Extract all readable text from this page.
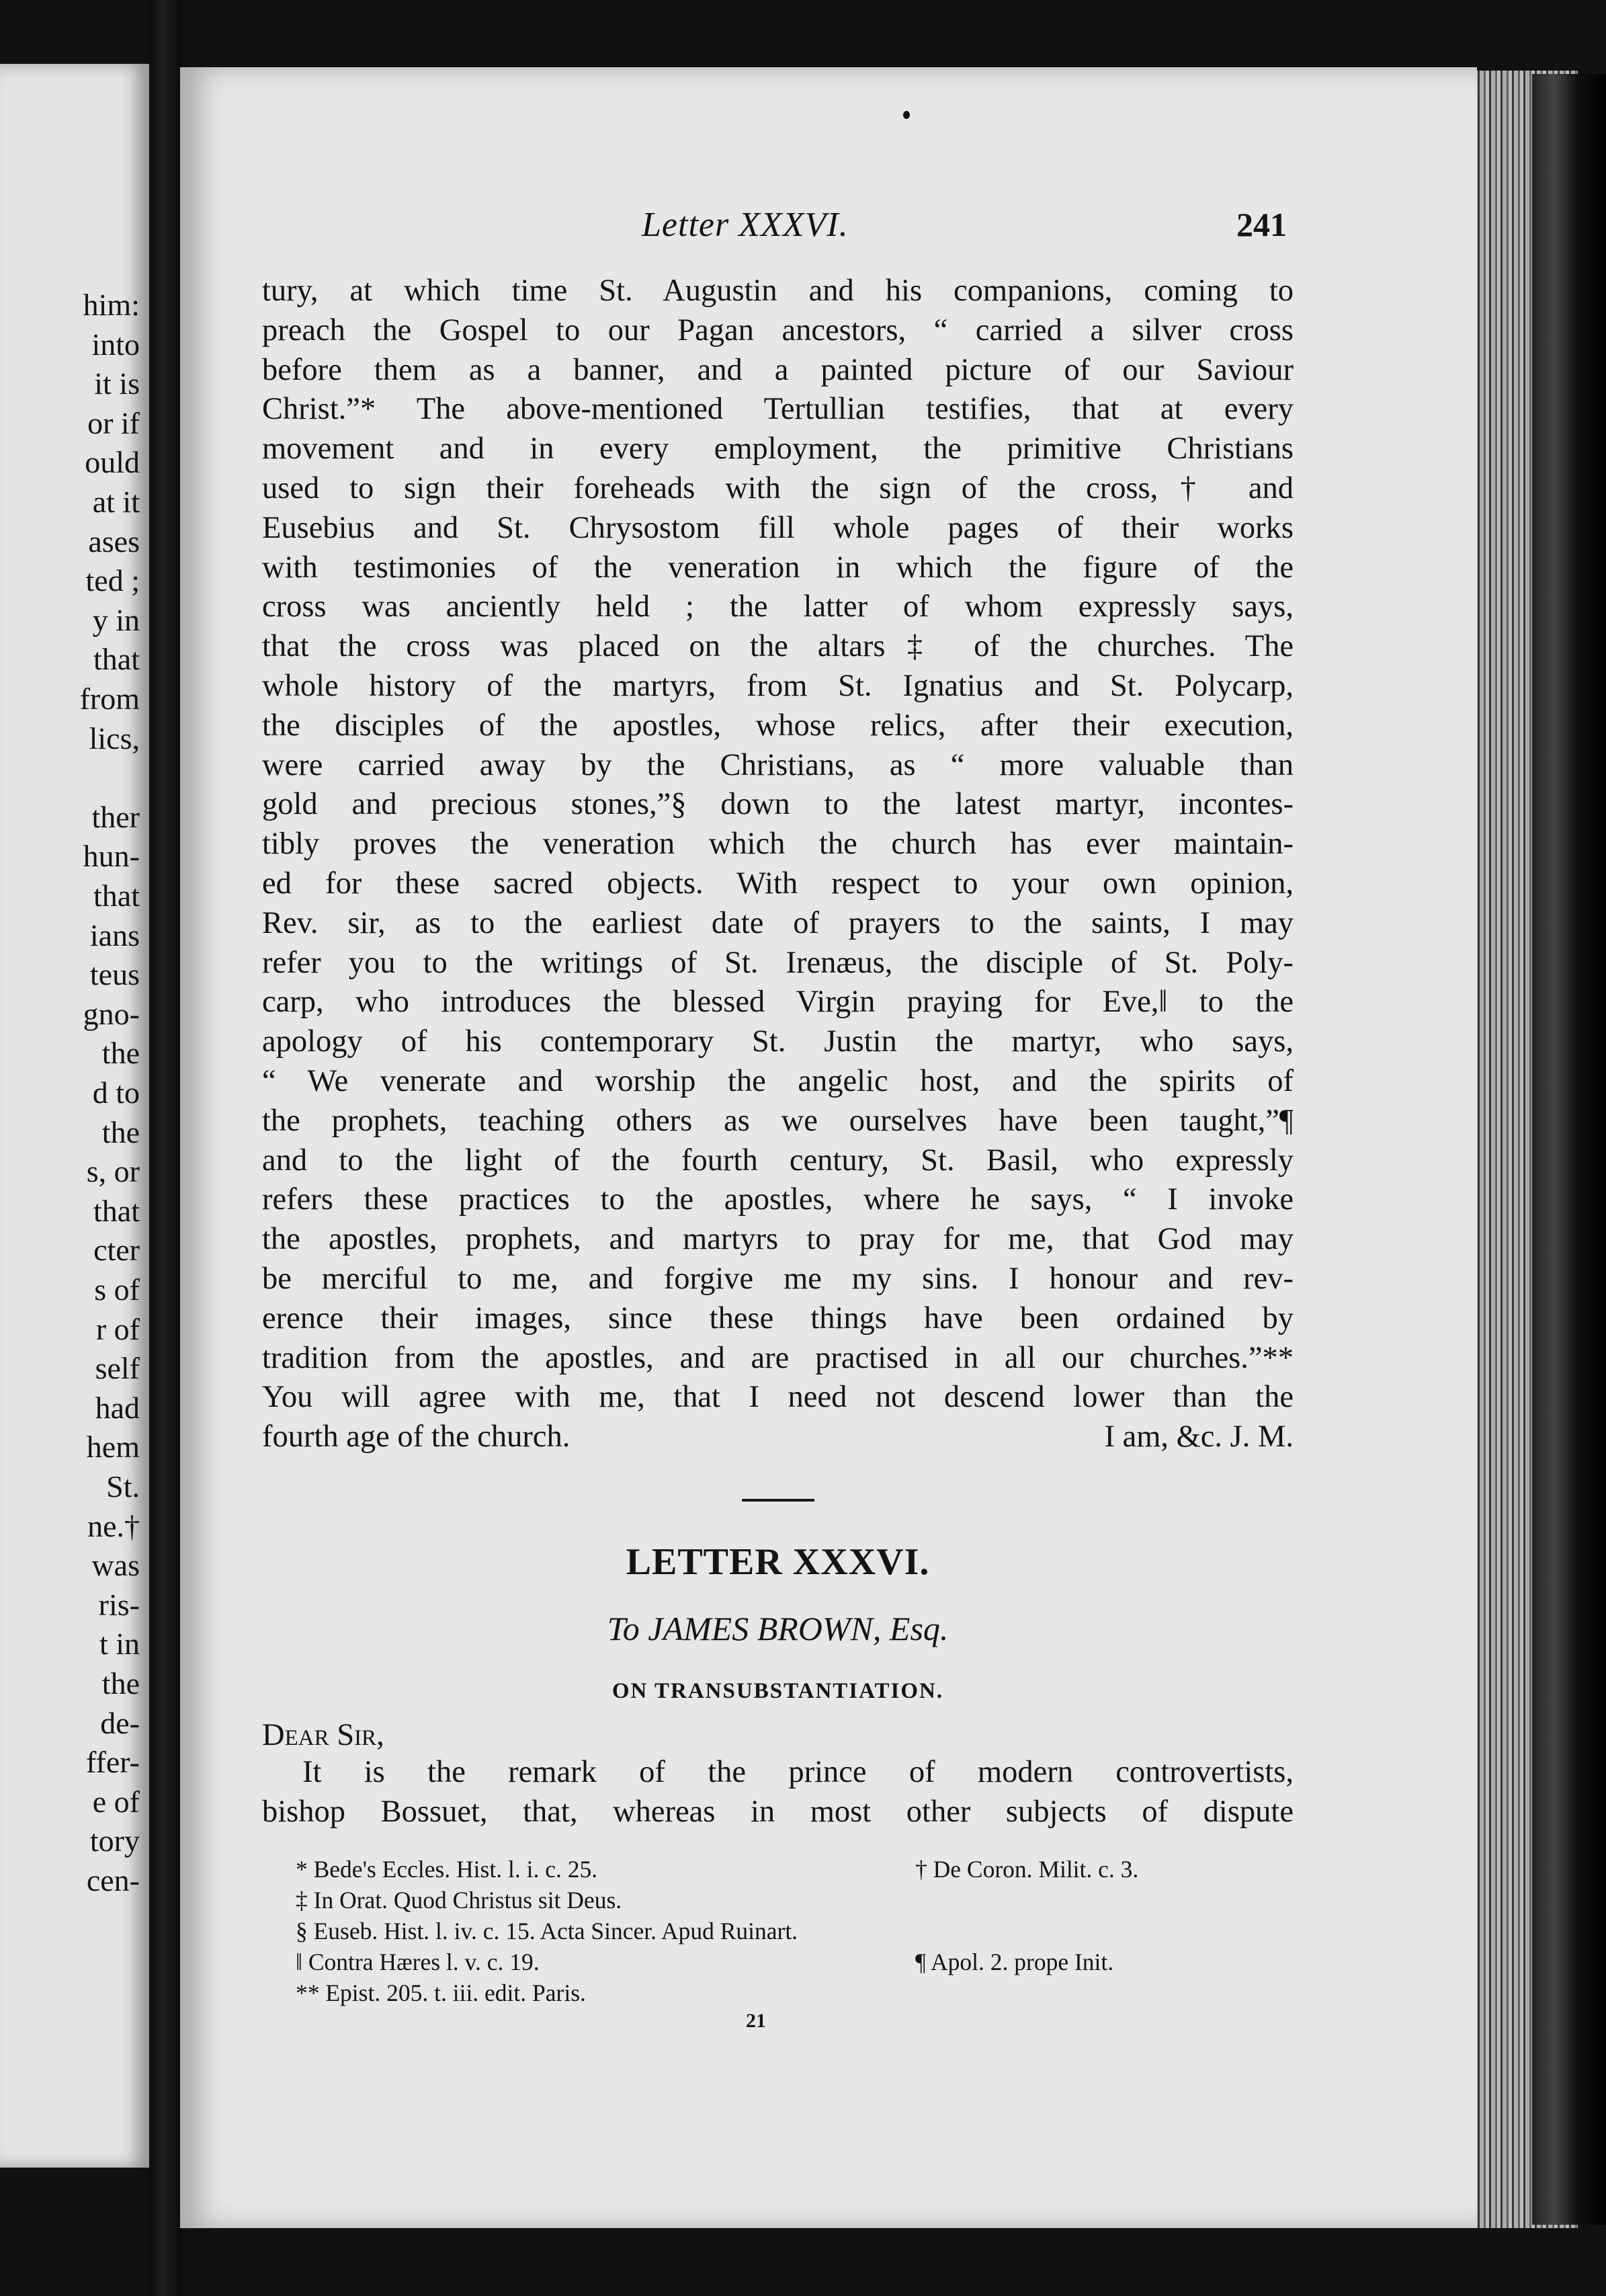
him:
into
it is
or if
ould
at it
ases
ted ;
y in
that
from
lics,
ther
hun-
that
ians
teus
gno-
the
d to
the
s, or
that
cter
s of
r of
self
had
hem
St.
ne.†
was
ris-
t in
the
de-
ffer-
e of
tory
cen-
Letter XXXVI.	241
tury, at which time St. Augustin and his companions, coming to
preach the Gospel to our Pagan ancestors, “ carried a silver cross
before them as a banner, and a painted picture of our Saviour
Christ.”* The above-mentioned Tertullian testifies, that at every
movement and in every employment, the primitive Christians
used to sign their foreheads with the sign of the cross,† and
Eusebius and St. Chrysostom fill whole pages of their works
with testimonies of the veneration in which the figure of the
cross was anciently held ; the latter of whom expressly says,
that the cross was placed on the altars‡ of the churches. The
whole history of the martyrs, from St. Ignatius and St. Polycarp,
the disciples of the apostles, whose relics, after their execution,
were carried away by the Christians, as “ more valuable than
gold and precious stones,”§ down to the latest martyr, incontes-
tibly proves the veneration which the church has ever maintain-
ed for these sacred objects. With respect to your own opinion,
Rev. sir, as to the earliest date of prayers to the saints, I may
refer you to the writings of St. Irenæus, the disciple of St. Poly-
carp, who introduces the blessed Virgin praying for Eve,‖ to the
apology of his contemporary St. Justin the martyr, who says,
“ We venerate and worship the angelic host, and the spirits of
the prophets, teaching others as we ourselves have been taught,”¶
and to the light of the fourth century, St. Basil, who expressly
refers these practices to the apostles, where he says, “ I invoke
the apostles, prophets, and martyrs to pray for me, that God may
be merciful to me, and forgive me my sins. I honour and rev-
erence their images, since these things have been ordained by
tradition from the apostles, and are practised in all our churches.”**
You will agree with me, that I need not descend lower than the
fourth age of the church.	I am, &c. J. M.
LETTER XXXVI.
To JAMES BROWN, Esq.
ON TRANSUBSTANTIATION.
Dear Sir,
It is the remark of the prince of modern controvertists,
bishop Bossuet, that, whereas in most other subjects of dispute
* Bede's Eccles. Hist. l. i. c. 25.	† De Coron. Milit. c. 3.
‡ In Orat. Quod Christus sit Deus.
§ Euseb. Hist. l. iv. c. 15. Acta Sincer. Apud Ruinart.
‖ Contra Hæres l. v. c. 19.	¶ Apol. 2. prope Init.
** Epist. 205. t. iii. edit. Paris.
21
